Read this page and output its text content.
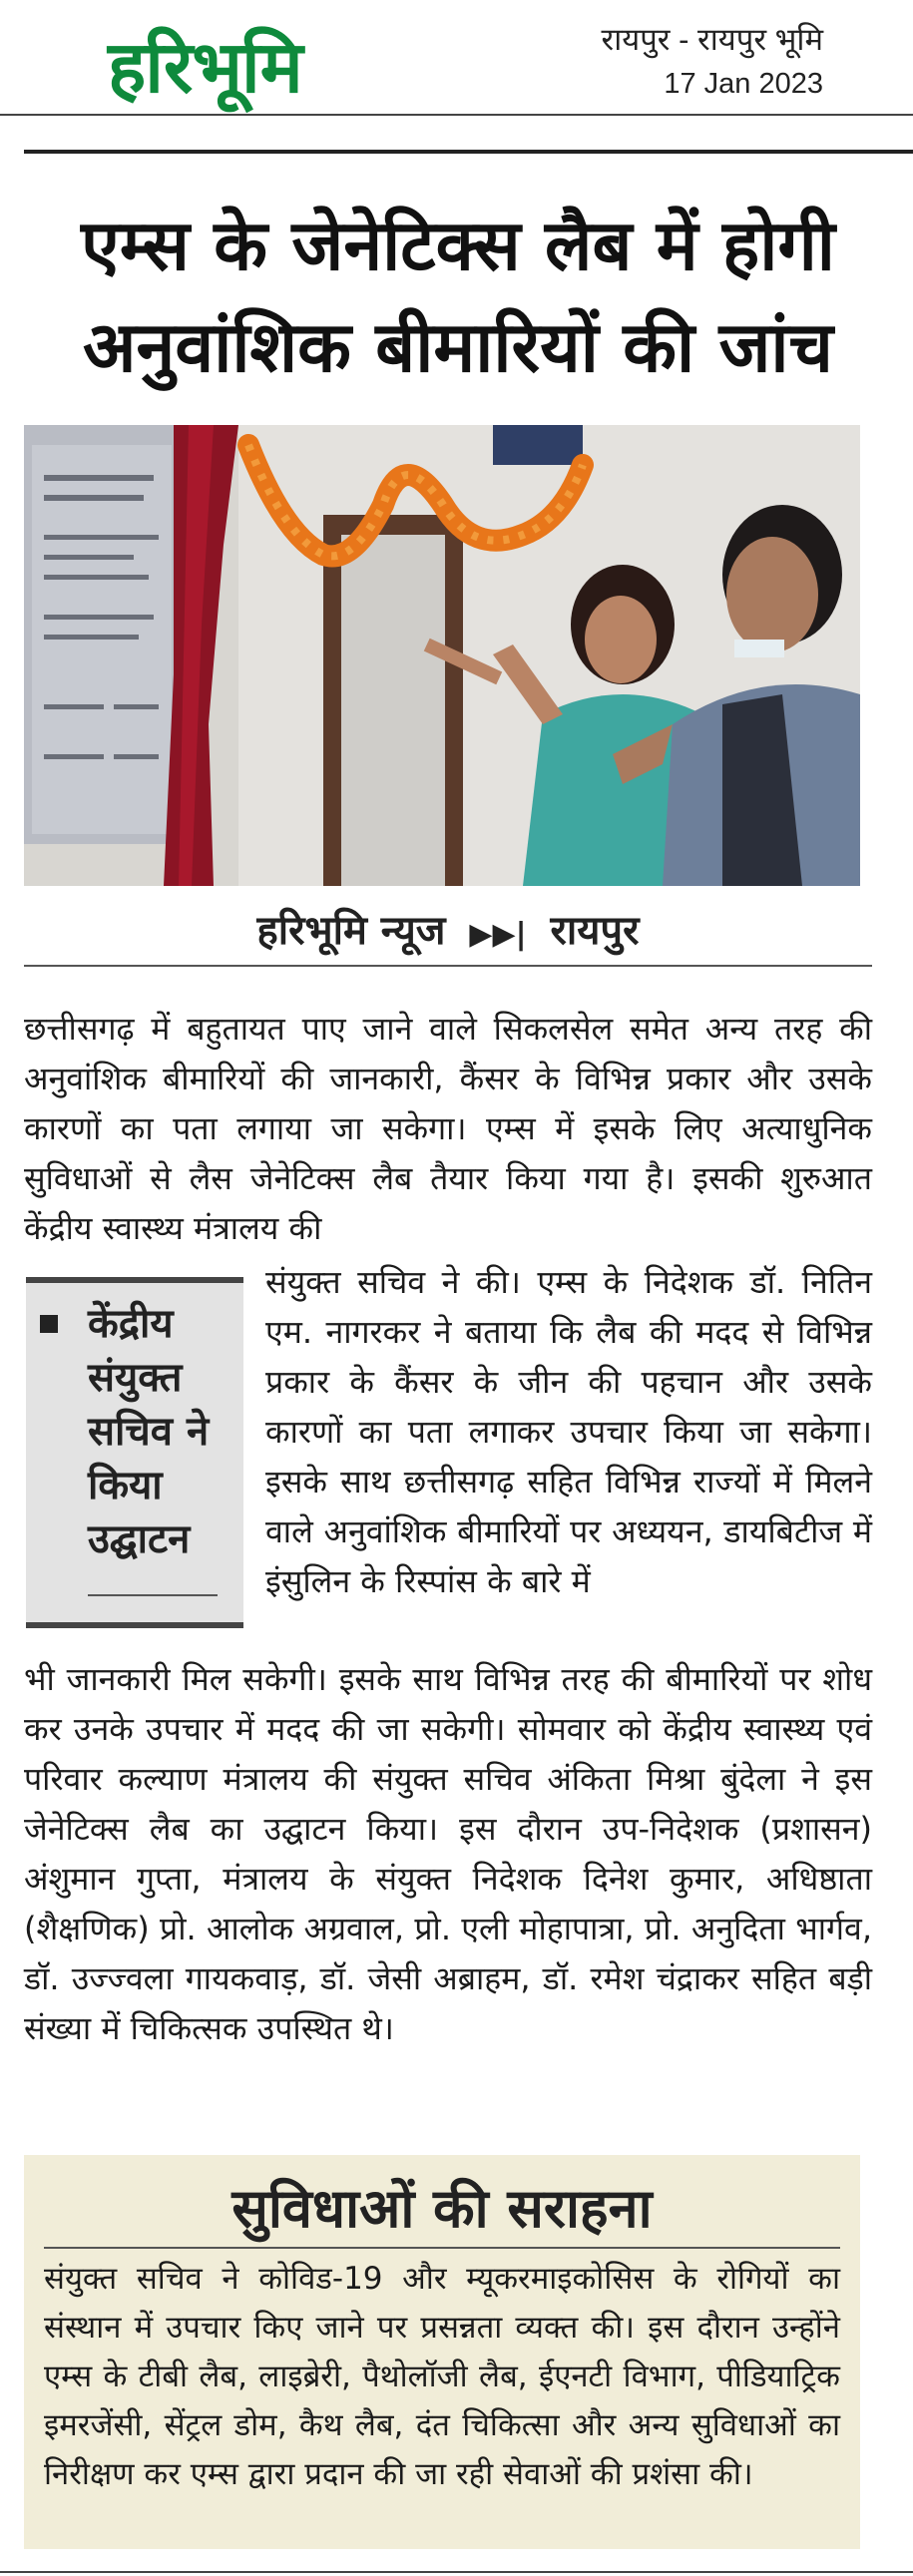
हरिभूमि	रायपुर - रायपुर भूमि
17 Jan 2023
एम्स के जेनेटिक्स लैब में होगी अनुवांशिक बीमारियों की जांच
हरिभूमि न्यूज ▶▶| रायपुर
छत्तीसगढ़ में बहुतायत पाए जाने वाले सिकलसेल समेत अन्य तरह की अनुवांशिक बीमारियों की जानकारी, कैंसर के विभिन्न प्रकार और उसके कारणों का पता लगाया जा सकेगा। एम्स में इसके लिए अत्याधुनिक सुविधाओं से लैस जेनेटिक्स लैब तैयार किया गया है। इसकी शुरुआत केंद्रीय स्वास्थ्य मंत्रालय की
केंद्रीय संयुक्त सचिव ने किया उद्घाटन
संयुक्त सचिव ने की। एम्स के निदेशक डॉ. नितिन एम. नागरकर ने बताया कि लैब की मदद से विभिन्न प्रकार के कैंसर के जीन की पहचान और उसके कारणों का पता लगाकर उपचार किया जा सकेगा। इसके साथ छत्तीसगढ़ सहित विभिन्न राज्यों में मिलने वाले अनुवांशिक बीमारियों पर अध्ययन, डायबिटीज में इंसुलिन के रिस्पांस के बारे में
भी जानकारी मिल सकेगी। इसके साथ विभिन्न तरह की बीमारियों पर शोध कर उनके उपचार में मदद की जा सकेगी। सोमवार को केंद्रीय स्वास्थ्य एवं परिवार कल्याण मंत्रालय की संयुक्त सचिव अंकिता मिश्रा बुंदेला ने इस जेनेटिक्स लैब का उद्घाटन किया। इस दौरान उप-निदेशक (प्रशासन) अंशुमान गुप्ता, मंत्रालय के संयुक्त निदेशक दिनेश कुमार, अधिष्ठाता (शैक्षणिक) प्रो. आलोक अग्रवाल, प्रो. एली मोहापात्रा, प्रो. अनुदिता भार्गव, डॉ. उज्ज्वला गायकवाड़, डॉ. जेसी अब्राहम, डॉ. रमेश चंद्राकर सहित बड़ी संख्या में चिकित्सक उपस्थित थे।
सुविधाओं की सराहना
संयुक्त सचिव ने कोविड-19 और म्यूकरमाइकोसिस के रोगियों का संस्थान में उपचार किए जाने पर प्रसन्नता व्यक्त की। इस दौरान उन्होंने एम्स के टीबी लैब, लाइब्रेरी, पैथोलॉजी लैब, ईएनटी विभाग, पीडियाट्रिक इमरजेंसी, सेंट्रल डोम, कैथ लैब, दंत चिकित्सा और अन्य सुविधाओं का निरीक्षण कर एम्स द्वारा प्रदान की जा रही सेवाओं की प्रशंसा की।
